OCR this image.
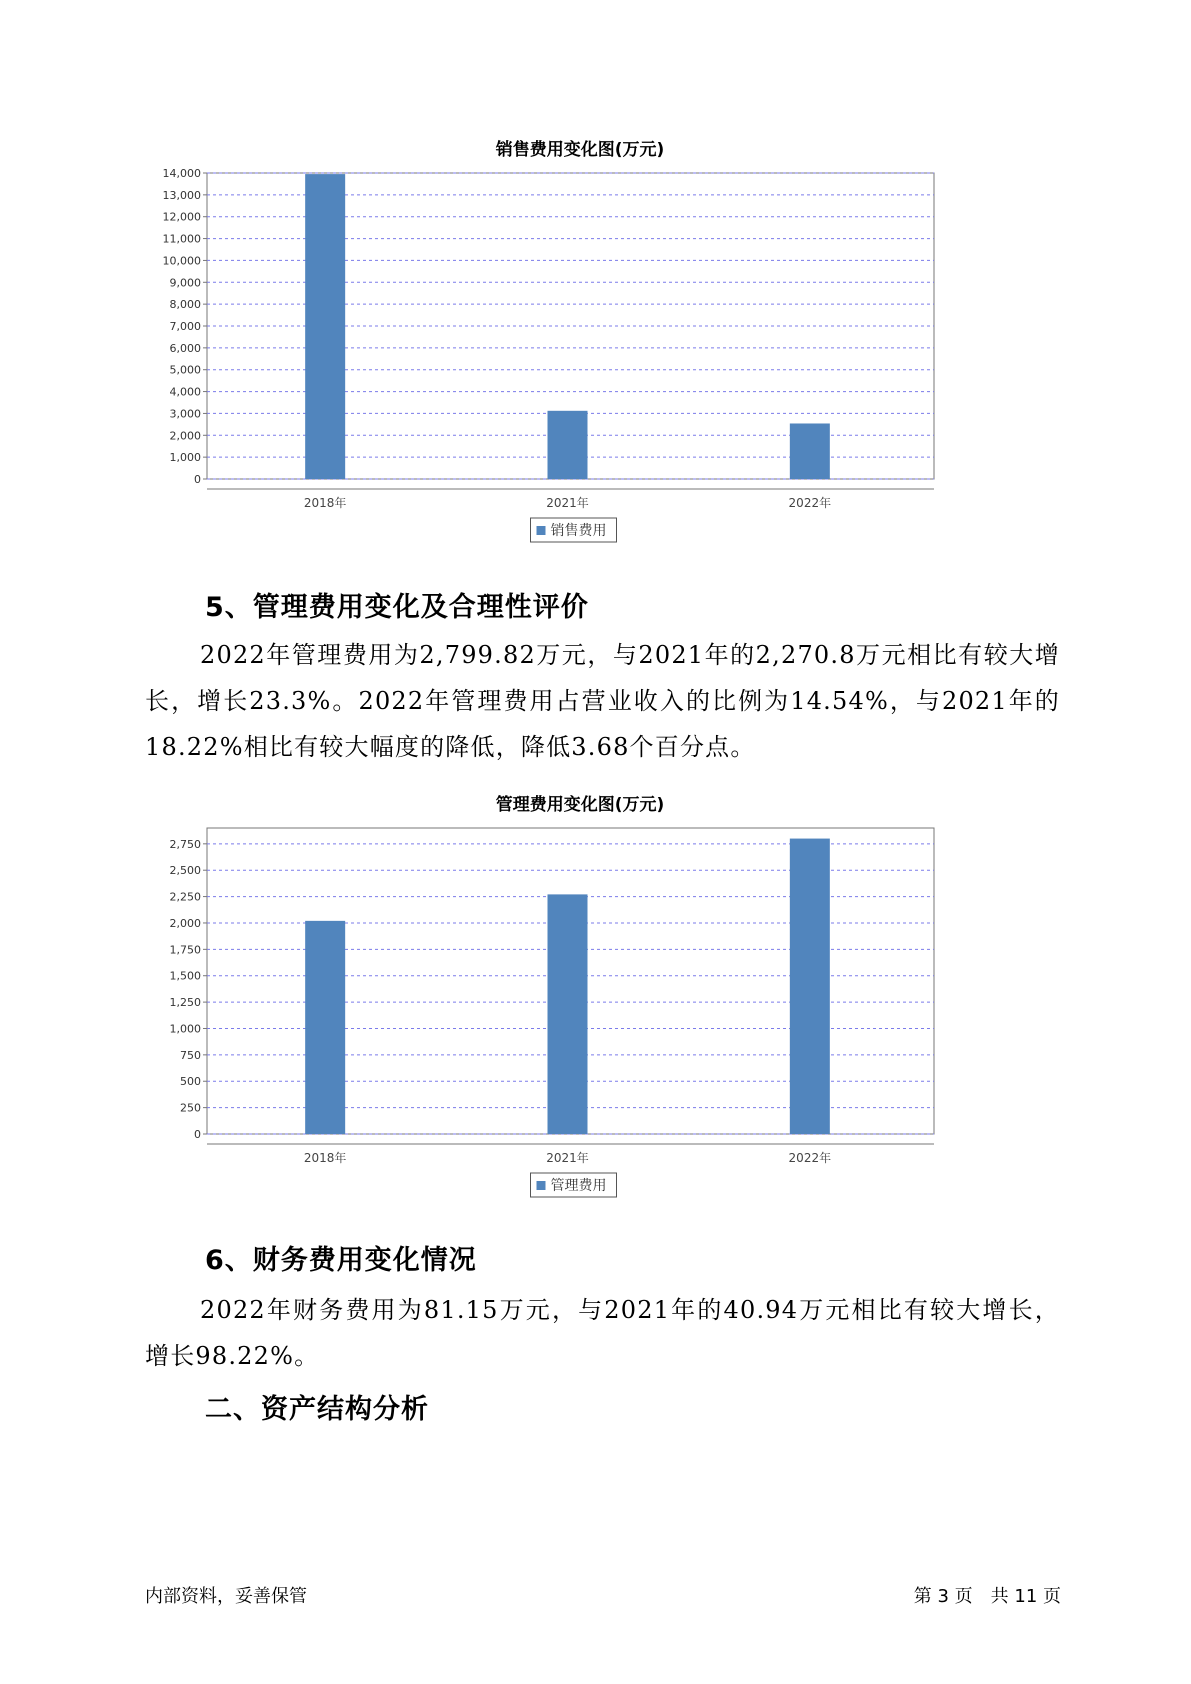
销售费用变化图(万元)
0
1,000
2,000
3,000
4,000
5,000
6,000
7,000
8,000
9,000
10,000
11,000
12,000
13,000
14,000
2018年	2021年	2022年
销售费用
5、管理费用变化及合理性评价
2022年管理费用为2,799.82万元，与2021年的2,270.8万元相比有较大增长，增长23.3%。2022年管理费用占营业收入的比例为14.54%，与2021年的18.22%相比有较大幅度的降低，降低3.68个百分点。
管理费用变化图(万元)
0
250
500
750
1,000
1,250
1,500
1,750
2,000
2,250
2,500
2,750
2018年	2021年	2022年
管理费用
6、财务费用变化情况
2022年财务费用为81.15万元，与2021年的40.94万元相比有较大增长，增长98.22%。
二、资产结构分析
内部资料，妥善保管	第 3 页　共 11 页
